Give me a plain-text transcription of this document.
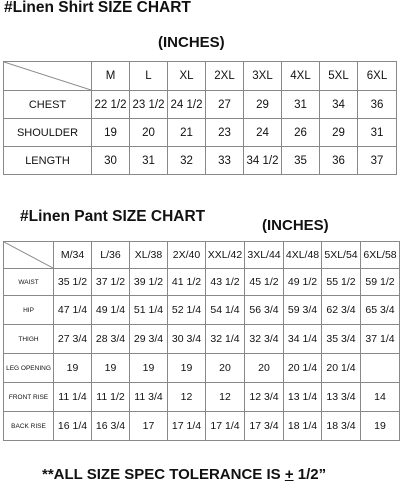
#Linen Shirt SIZE CHART
(INCHES)
	M	L	XL	2XL	3XL	4XL	5XL	6XL
CHEST	22 1/2	23 1/2	24 1/2	27	29	31	34	36
SHOULDER	19	20	21	23	24	26	29	31
LENGTH	30	31	32	33	34 1/2	35	36	37
#Linen Pant SIZE CHART
(INCHES)
	M/34	L/36	XL/38	2X/40	XXL/42	3XL/44	4XL/48	5XL/54	6XL/58
WAIST	35 1/2	37 1/2	39 1/2	41 1/2	43 1/2	45 1/2	49 1/2	55 1/2	59 1/2
HIP	47 1/4	49 1/4	51 1/4	52 1/4	54 1/4	56 3/4	59 3/4	62 3/4	65 3/4
THIGH	27 3/4	28 3/4	29 3/4	30 3/4	32 1/4	32 3/4	34 1/4	35 3/4	37 1/4
LEG OPENING	19	19	19	19	20	20	20 1/4	20 1/4	
FRONT RISE	11 1/4	11 1/2	11 3/4	12	12	12 3/4	13 1/4	13 3/4	14
BACK RISE	16 1/4	16 3/4	17	17 1/4	17 1/4	17 3/4	18 1/4	18 3/4	19
**ALL SIZE SPEC TOLERANCE IS + 1/2”
